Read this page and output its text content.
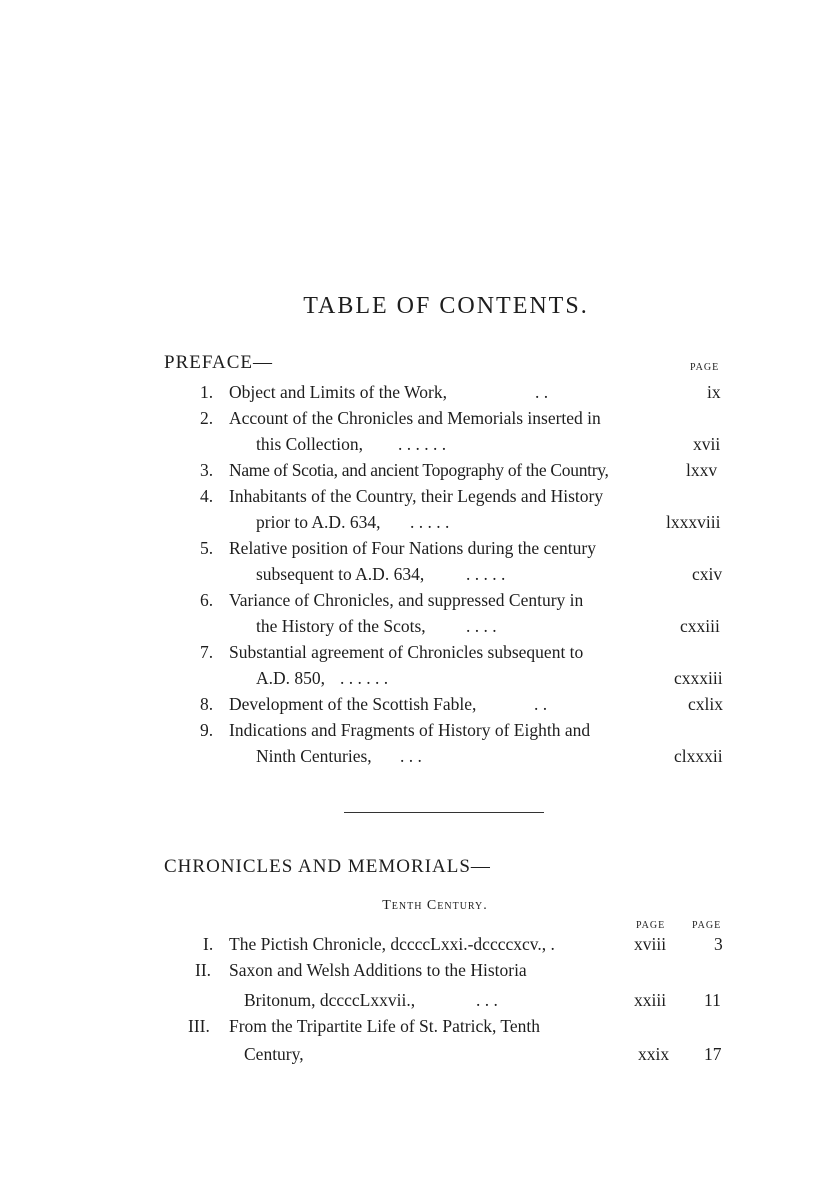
TABLE OF CONTENTS.
PREFACE—	PAGE
1. Object and Limits of the Work,	. .	ix
2. Account of the Chronicles and Memorials inserted in
this Collection, . . . . . .	xvii
3. Name of Scotia, and ancient Topography of the Country,	lxxv
4. Inhabitants of the Country, their Legends and History
prior to A.D. 634, . . . . .	lxxxviii
5. Relative position of Four Nations during the century
subsequent to A.D. 634, . . . . .	cxiv
6. Variance of Chronicles, and suppressed Century in
the History of the Scots, . . . .	cxxiii
7. Substantial agreement of Chronicles subsequent to
A.D. 850, . . . . . .	cxxxiii
8. Development of the Scottish Fable,	. .	cxlix
9. Indications and Fragments of History of Eighth and
Ninth Centuries, . . .	clxxxii
CHRONICLES AND MEMORIALS—
Tenth Century.
PAGE	PAGE
I. The Pictish Chronicle, dccccLxxi.-dccccxcv., .	xviii	3
II. Saxon and Welsh Additions to the Historia
Britonum, dccccLxxvii.,	. . .	xxiii 11
III. From the Tripartite Life of St. Patrick, Tenth
Century,	xxix 17
